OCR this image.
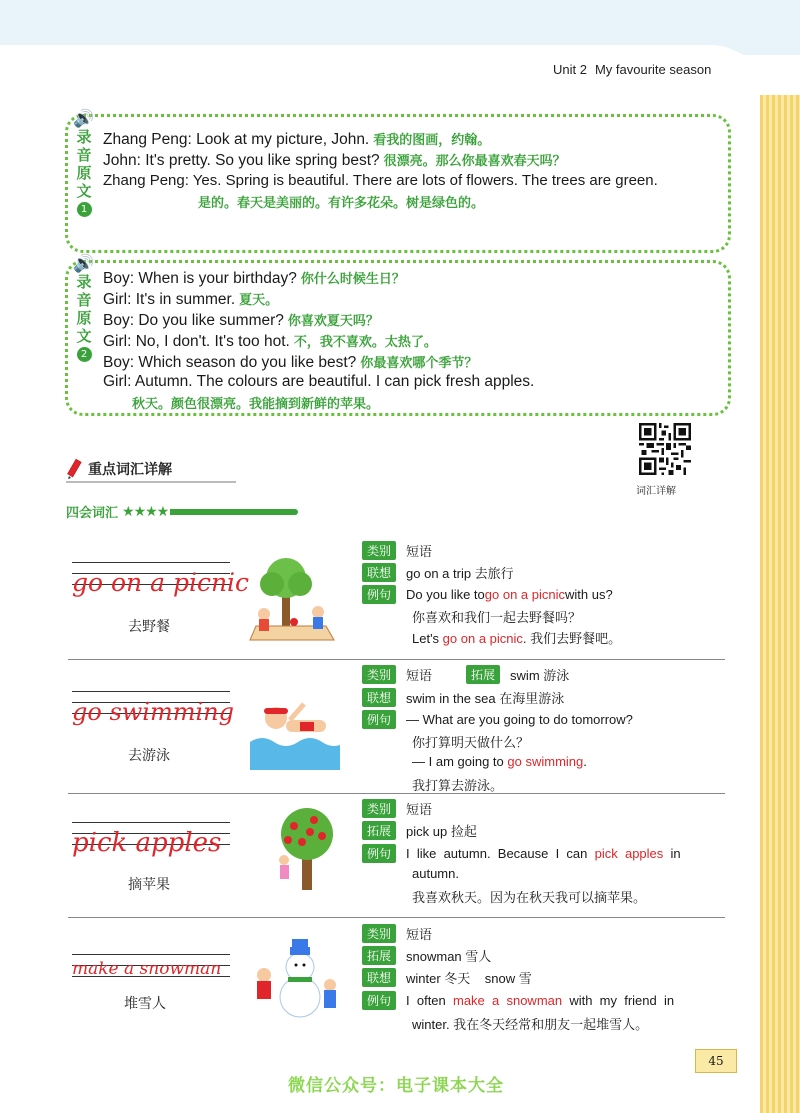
Unit 2 My favourite season
🔊
录
音
原
文
1
Zhang Peng: Look at my picture, John. 看我的图画，约翰。
John: It's pretty. So you like spring best? 很漂亮。那么你最喜欢春天吗？
Zhang Peng: Yes. Spring is beautiful. There are lots of flowers. The trees are green.
是的。春天是美丽的。有许多花朵。树是绿色的。
🔊
录
音
原
文
2
Boy: When is your birthday? 你什么时候生日？
Girl: It's in summer. 夏天。
Boy: Do you like summer? 你喜欢夏天吗？
Girl: No, I don't. It's too hot. 不，我不喜欢。太热了。
Boy: Which season do you like best? 你最喜欢哪个季节？
Girl: Autumn. The colours are beautiful. I can pick fresh apples.
秋天。颜色很漂亮。我能摘到新鲜的苹果。
词汇详解
重点词汇详解
四会词汇 ★★★★
go on a picnic
去野餐
类别	短语
联想	go on a trip 去旅行
例句	Do you like to go on a picnic with us?
你喜欢和我们一起去野餐吗？
Let's go on a picnic. 我们去野餐吧。
go swimming
去游泳
类别	短语	拓展	swim 游泳
联想	swim in the sea 在海里游泳
例句	— What are you going to do tomorrow?
你打算明天做什么？
— I am going to go swimming.
我打算去游泳。
pick apples
摘苹果
类别	短语
拓展	pick up 捡起
例句	I  like  autumn.  Because  I  can pick  apples in
autumn.
我喜欢秋天。因为在秋天我可以摘苹果。
make a snowman
堆雪人
类别	短语
拓展	snowman 雪人
联想	winter 冬天    snow 雪
例句	I  often make  a  snowman with  my  friend  in
winter. 我在冬天经常和朋友一起堆雪人。
45
微信公众号：电子课本大全
